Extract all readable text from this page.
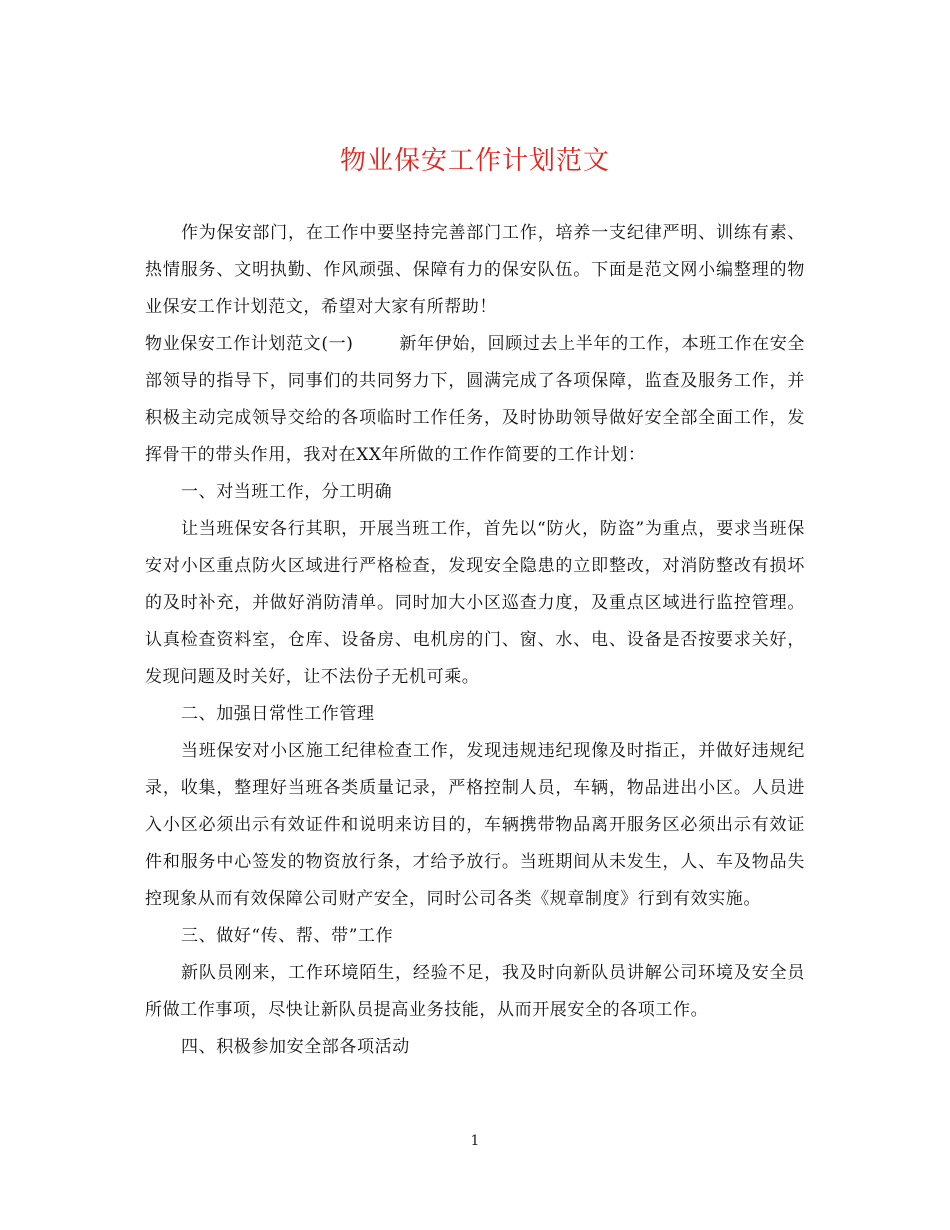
物业保安工作计划范文

作为保安部门，在工作中要坚持完善部门工作，培养一支纪律严明、训练有素、热情服务、文明执勤、作风顽强、保障有力的保安队伍。下面是范文网小编整理的物业保安工作计划范文，希望对大家有所帮助！

物业保安工作计划范文(一)	新年伊始，回顾过去上半年的工作，本班工作在安全部领导的指导下，同事们的共同努力下，圆满完成了各项保障，监查及服务工作，并积极主动完成领导交给的各项临时工作任务，及时协助领导做好安全部全面工作，发挥骨干的带头作用，我对在XX年所做的工作作简要的工作计划：

一、对当班工作，分工明确

让当班保安各行其职，开展当班工作，首先以“防火，防盗”为重点，要求当班保安对小区重点防火区域进行严格检查，发现安全隐患的立即整改，对消防整改有损坏的及时补充，并做好消防清单。同时加大小区巡查力度，及重点区域进行监控管理。认真检查资料室，仓库、设备房、电机房的门、窗、水、电、设备是否按要求关好，发现问题及时关好，让不法份子无机可乘。

二、加强日常性工作管理

当班保安对小区施工纪律检查工作，发现违规违纪现像及时指正，并做好违规纪录，收集，整理好当班各类质量记录，严格控制人员，车辆，物品进出小区。人员进入小区必须出示有效证件和说明来访目的，车辆携带物品离开服务区必须出示有效证件和服务中心签发的物资放行条，才给予放行。当班期间从未发生，人、车及物品失控现象从而有效保障公司财产安全，同时公司各类《规章制度》行到有效实施。

三、做好“传、帮、带”工作

新队员刚来，工作环境陌生，经验不足，我及时向新队员讲解公司环境及安全员所做工作事项，尽快让新队员提高业务技能，从而开展安全的各项工作。

四、积极参加安全部各项活动

1
